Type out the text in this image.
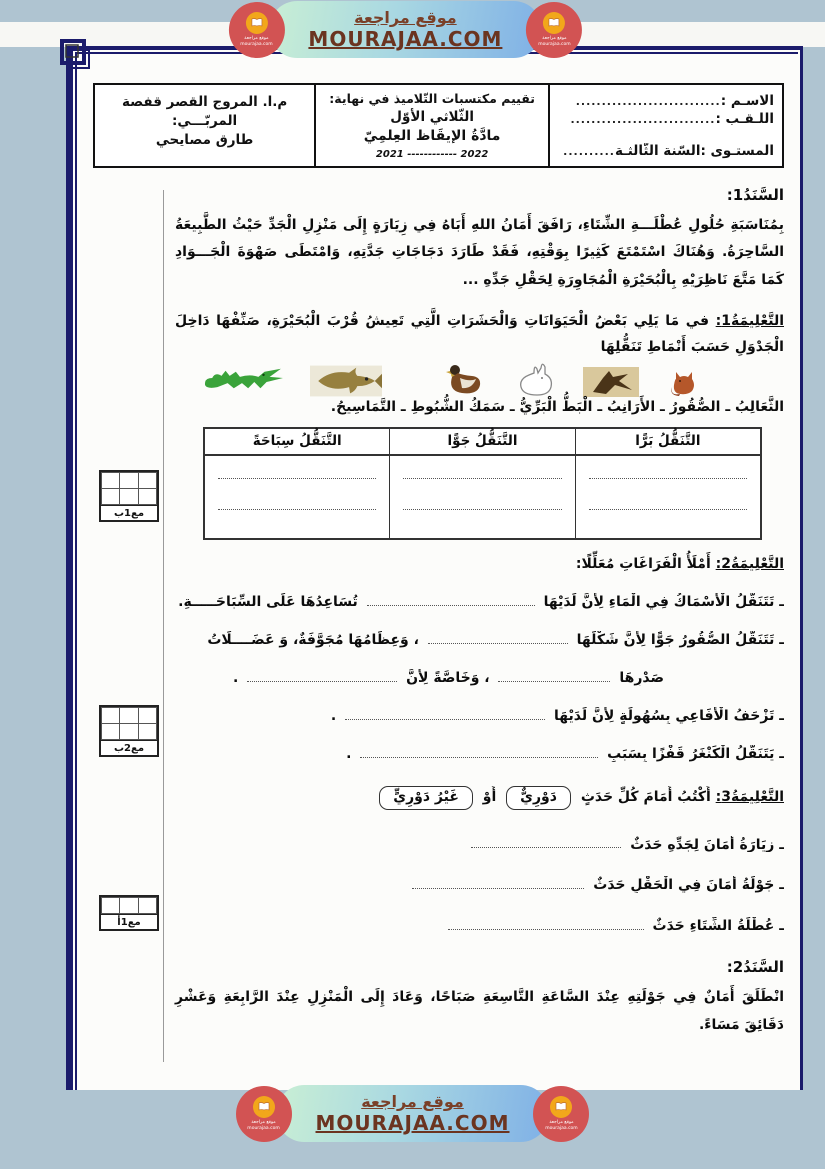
موقع مراجعة
mourajaa.com
موقع مراجعة
MOURAJAA.COM	موقع مراجعة
mourajaa.com
الاسـم :
............................
اللـقـب :
............................
المستـوى :
السّنة الثّالثـة
..........
تقييم مكتسبات التّلاميذ في نهاية:
الثّلاثي الأوّل
مادَّةُ الإيقَاظ العِلمِيّ
2021 ------------ 2022
م.ا. المروج القصر قفصة
المربّـــي:
طارق مصايحي
مع1ب
مع2ب
مع1أ
السَّنَدُ1:
بِمُنَاسَبَةِ حُلُولِ عُطْلَـــةِ الشِّتَاءِ، رَافَقَ أَمَانُ اللهِ أَبَاهُ فِي زِيَارَةٍ إِلَى مَنْزِلِ الْجَدِّ حَيْثُ الطَّبِيعَةُ السَّاحِرَةُ. وَهُنَاكَ اسْتَمْتَعَ كَثِيرًا بِوَقْتِهِ، فَقَدْ طَارَدَ دَجَاجَاتِ جَدَّتِهِ، وَامْتَطَى صَهْوَةَ الْجَـــوَادِ كَمَا مَتَّعَ نَاظِرَيْهِ بِالْبُحَيْرَةِ الْمُجَاوِرَةِ لِحَقْلِ جَدِّهِ ...
التَّعْلِيمَةُ1: في مَا يَلِي بَعْضُ الْحَيَوَانَاتِ وَالْحَشَرَاتِ الَّتِي تَعِيشُ قُرْبَ الْبُحَيْرَةِ، صَنِّفْهَا دَاخِلَ الْجَدْوَلِ حَسَبَ أَنْمَاطِ تَنَقُّلِهَا
الثَّعَالِبُ ـ الصُّقُورُ ـ الأَرَانِبُ ـ الْبَطُّ الْبَرِّيُّ ـ سَمَكُ الشُّبُوطِ ـ التَّمَاسِيحُ.
التَّنَقُّلُ بَرًّا
التَّنَقُّلُ جَوًّا
التَّنَقُّلُ سِبَاحَةً
التَّعْلِيمَةُ2: أَمْلَأُ الْفَرَاغَاتِ مُعَلِّلًا:
ـ تَتَنَقَّلُ الْأَسْمَاكُ فِي الْمَاءِ لِأَنَّ لَدَيْهَا  تُسَاعِدُهَا عَلَى السِّبَاحَـــــةِ.
ـ تَتَنَقَّلُ الصُّقُورُ جَوًّا لِأَنَّ شَكْلَهَا  ، وَعِظَامُهَا مُجَوَّفَةٌ، وَ عَضَــــلَاتُ
صَدْرِهَا  ، وَخَاصَّةً لِأَنَّ  .
ـ تَزْحَفُ الْأَفَاعِي بِسُهُولَةٍ لِأَنَّ لَدَيْهَا  .
ـ يَتَنَقَّلُ الْكَنْغَرُ قَفْزًا بِسَبَبِ  .
التَّعْلِيمَةُ3: أَكْتُبُ أَمَامَ كُلِّ حَدَثٍ دَوْرِيٌّ أَوْ غَيْرُ دَوْرِيٍّ
ـ زِيَارَةُ أَمَانَ لِجَدِّهِ حَدَثٌ
ـ جَوْلَةُ أَمَانَ فِي الْحَقْلِ حَدَثٌ
ـ عُطْلَةُ الشِّتَاءِ حَدَثٌ
السَّنَدُ2:
انْطَلَقَ أَمَانٌ فِي جَوْلَتِهِ عِنْدَ السَّاعَةِ التَّاسِعَةِ صَبَاحًا، وَعَادَ إِلَى الْمَنْزِلِ عِنْدَ الرَّابِعَةِ وَعَشْرِ دَقَائِقَ مَسَاءً.
موقع مراجعة
mourajaa.com
موقع مراجعة
MOURAJAA.COM	موقع مراجعة
mourajaa.com
